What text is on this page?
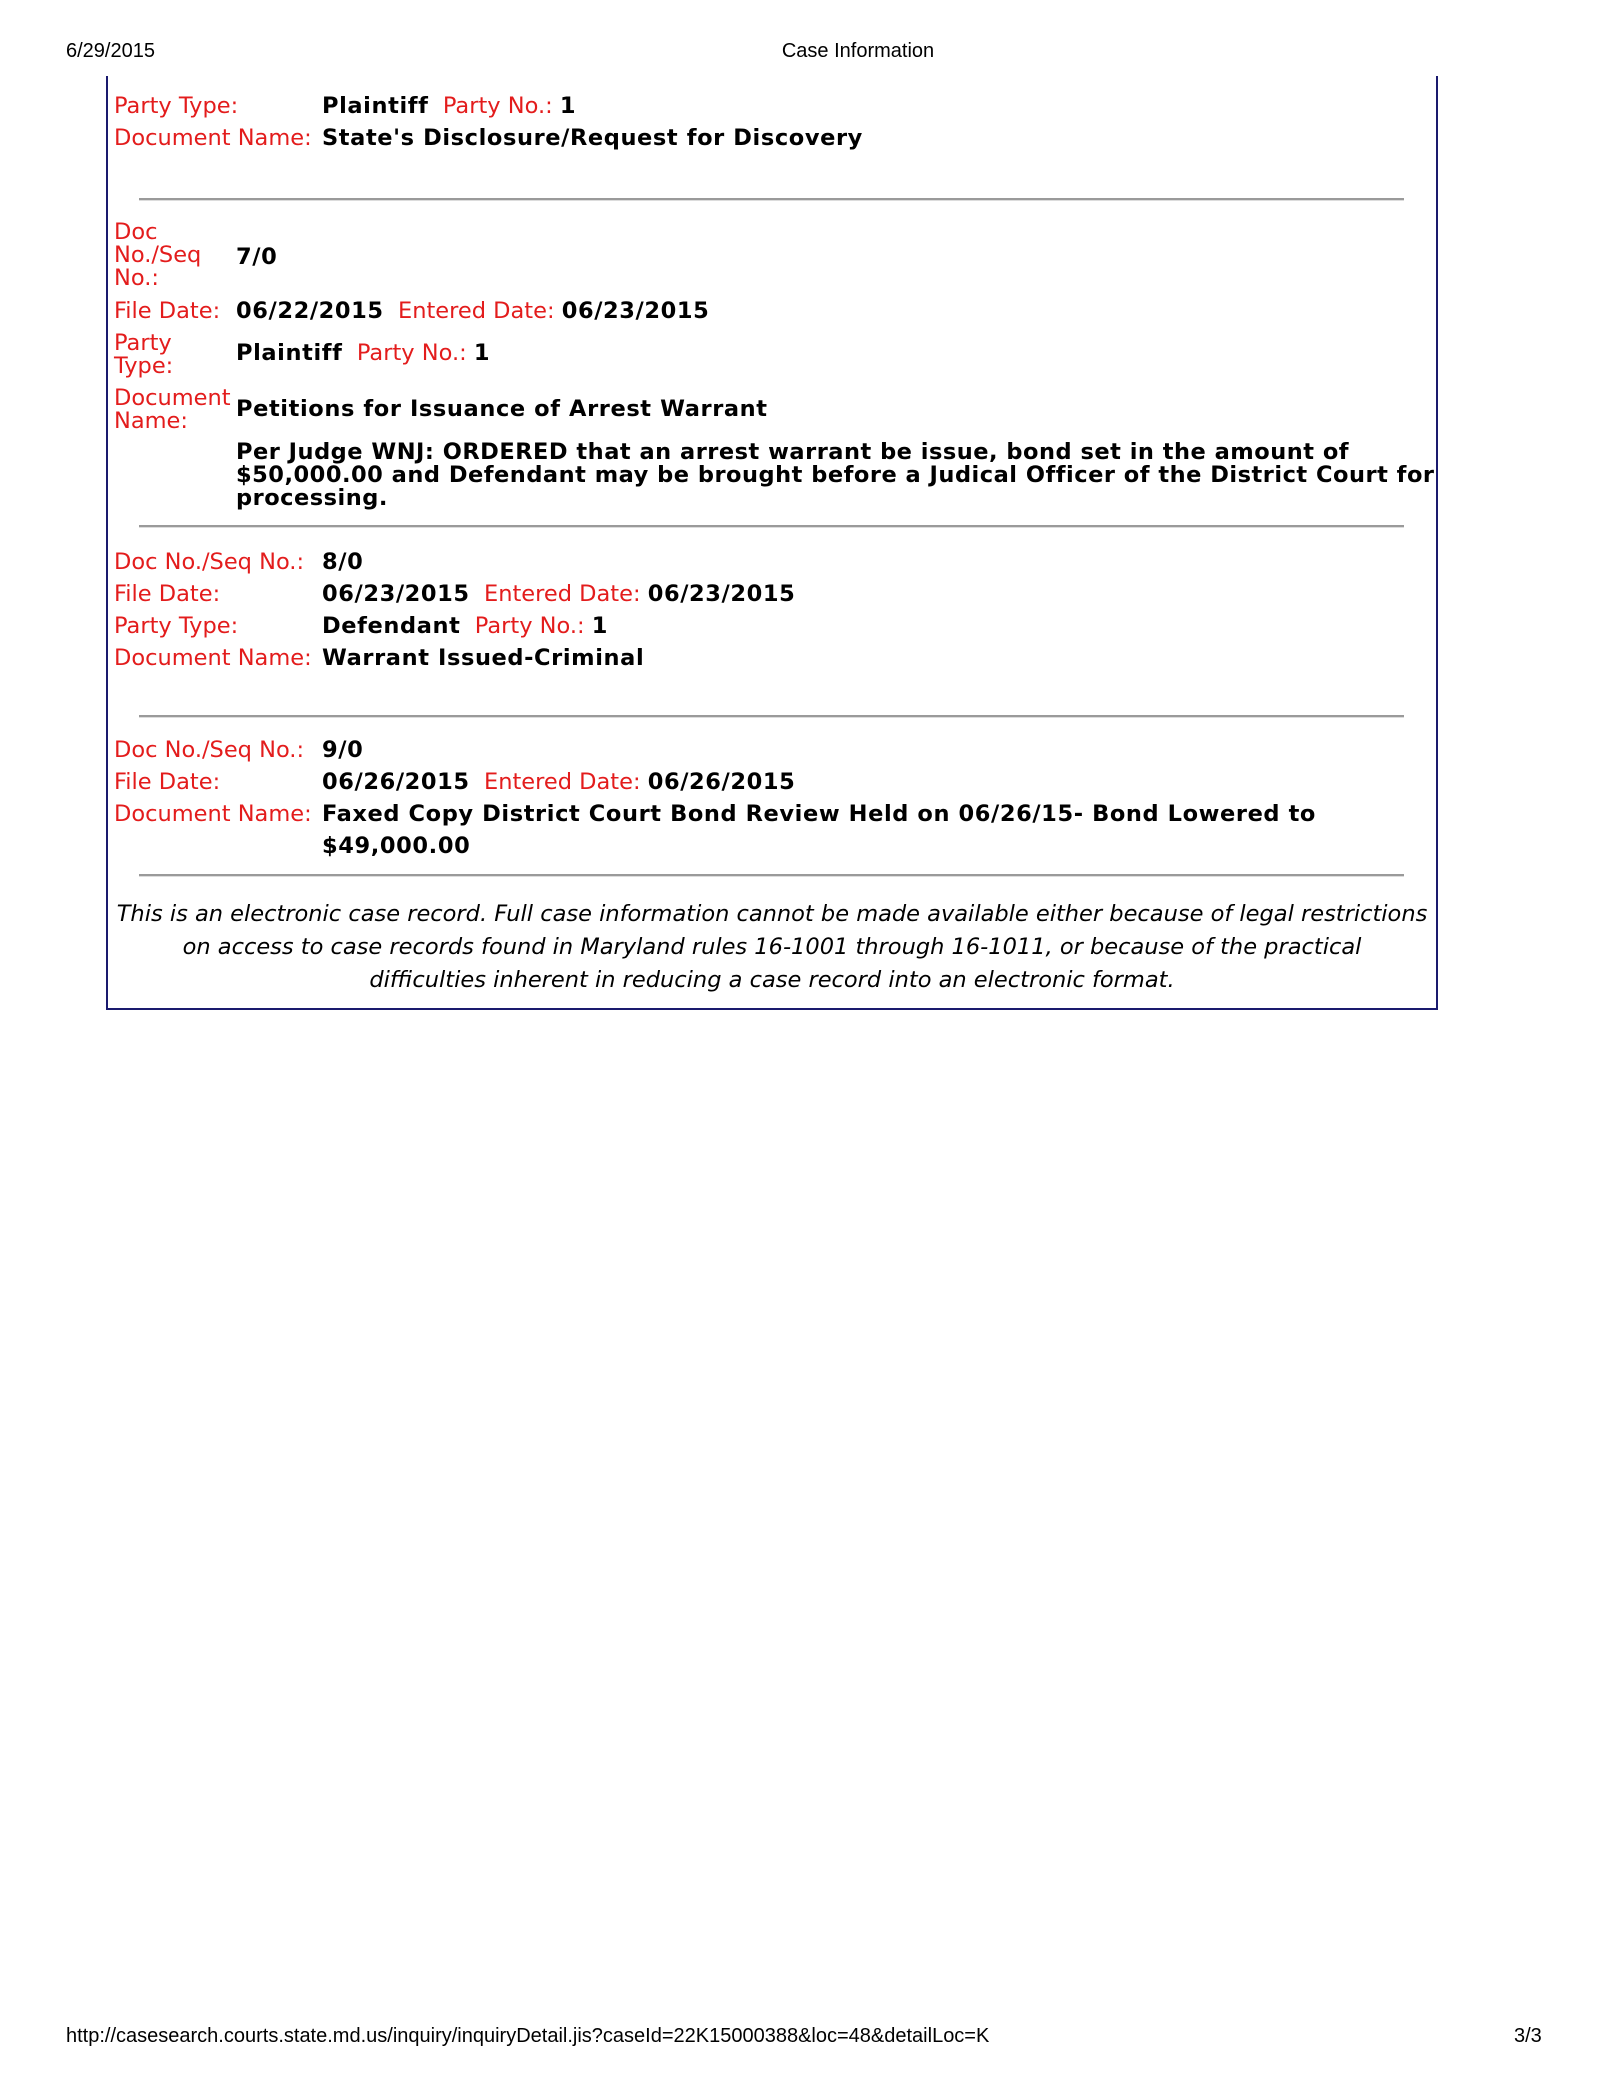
6/29/2015	Case Information
Party Type:	Plaintiff Party No.: 1
Document Name: State's Disclosure/Request for Discovery
Doc
No./Seq
No.:
7/0
File Date: 06/22/2015 Entered Date: 06/23/2015
Party
Type:	Plaintiff Party No.: 1
Document
Name:	Petitions for Issuance of Arrest Warrant
Per Judge WNJ: ORDERED that an arrest warrant be issue, bond set in the amount of
$50,000.00 and Defendant may be brought before a Judical Officer of the District Court for
processing.
Doc No./Seq No.: 8/0
File Date:	06/23/2015 Entered Date: 06/23/2015
Party Type:	Defendant Party No.: 1
Document Name: Warrant Issued-Criminal
Doc No./Seq No.: 9/0
File Date:	06/26/2015 Entered Date: 06/26/2015
Document Name: Faxed Copy District Court Bond Review Held on 06/26/15- Bond Lowered to
$49,000.00
This is an electronic case record. Full case information cannot be made available either because of legal restrictions
on access to case records found in Maryland rules 16-1001 through 16-1011, or because of the practical
difficulties inherent in reducing a case record into an electronic format.
http://casesearch.courts.state.md.us/inquiry/inquiryDetail.jis?caseId=22K15000388&loc=48&detailLoc=K	3/3
